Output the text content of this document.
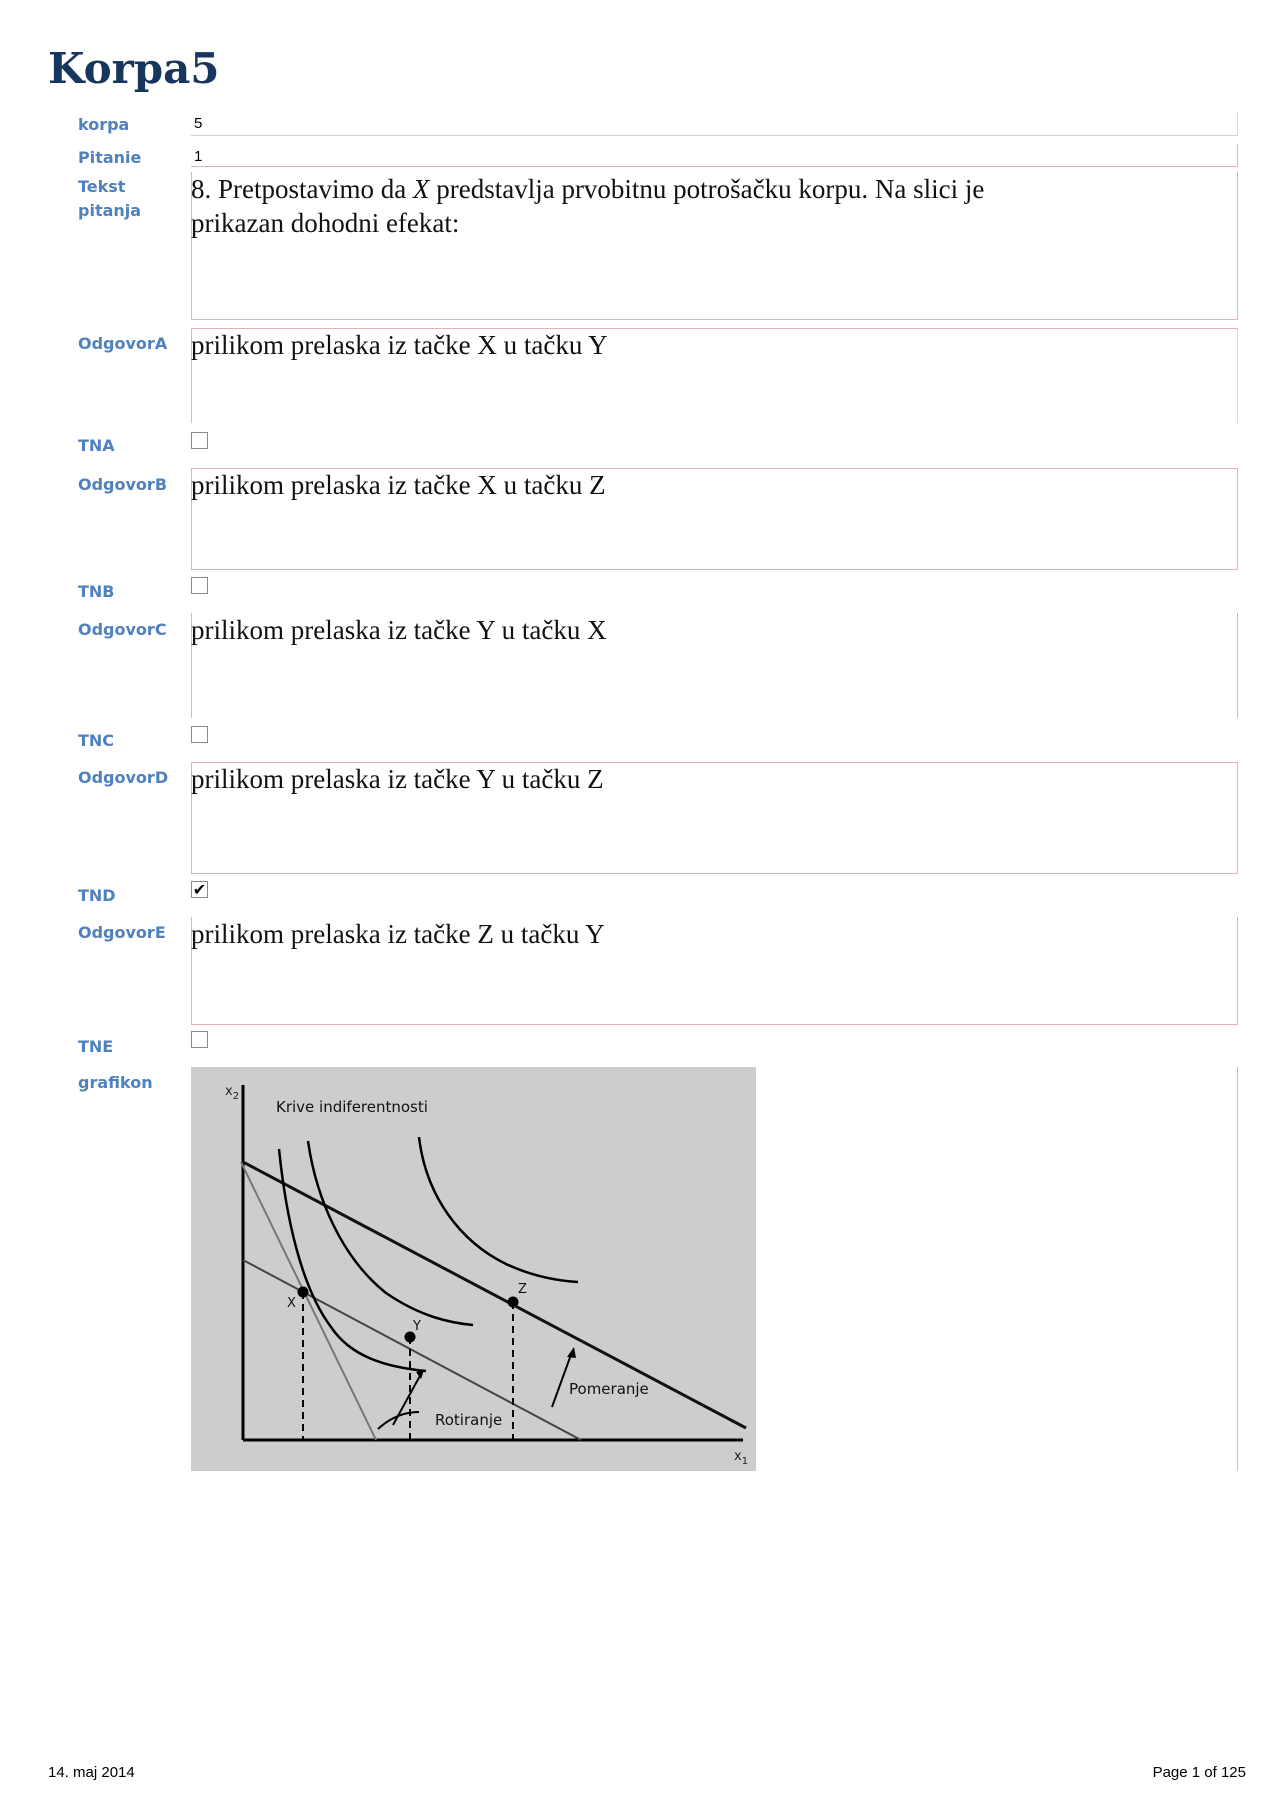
Korpa5
korpa	5
Pitanie	1
Tekst
pitanja
8. Pretpostavimo da X predstavlja prvobitnu potrošačku korpu. Na slici je
prikazan dohodni efekat:
OdgovorA prilikom prelaska iz tačke X u tačku Y
TNA
OdgovorB prilikom prelaska iz tačke X u tačku Z
TNB
OdgovorC prilikom prelaska iz tačke Y u tačku X
TNC
OdgovorD prilikom prelaska iz tačke Y u tačku Z
TND	✔
OdgovorE prilikom prelaska iz tačke Z u tačku Y
TNE
grafikon	$x_2$
$x_1$
Krive indiferentnosti
X
Y
Z
Pomeranje
Rotiranje
14. maj 2014	Page 1 of 125
